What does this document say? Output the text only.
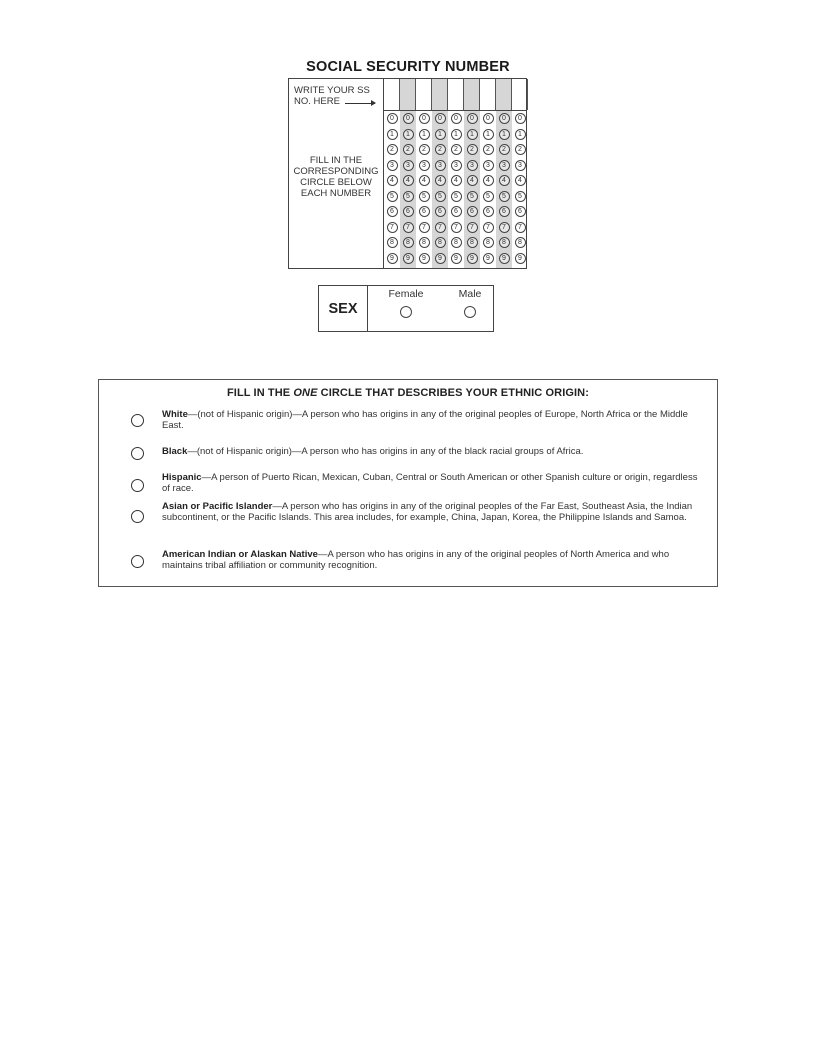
SOCIAL SECURITY NUMBER
WRITE YOUR SS NO. HERE
FILL IN THE CORRESPONDING CIRCLE BELOW EACH NUMBER
0
1
2
3
4
5
6
7
8
9
0
1
2
3
4
5
6
7
8
9
0
1
2
3
4
5
6
7
8
9
0
1
2
3
4
5
6
7
8
9
0
1
2
3
4
5
6
7
8
9
0
1
2
3
4
5
6
7
8
9
0
1
2
3
4
5
6
7
8
9
0
1
2
3
4
5
6
7
8
9
0
1
2
3
4
5
6
7
8
9
SEX
Female	Male
FILL IN THE ONE CIRCLE THAT DESCRIBES YOUR ETHNIC ORIGIN:
White—(not of Hispanic origin)—A person who has origins in any of the original peoples of Europe, North Africa or the Middle East.
Black—(not of Hispanic origin)—A person who has origins in any of the black racial groups of Africa.
Hispanic—A person of Puerto Rican, Mexican, Cuban, Central or South American or other Spanish culture or origin, regardless of race.
Asian or Pacific Islander—A person who has origins in any of the original peoples of the Far East, Southeast Asia, the Indian subcontinent, or the Pacific Islands. This area includes, for example, China, Japan, Korea, the Philippine Islands and Samoa.
American Indian or Alaskan Native—A person who has origins in any of the original peoples of North America and who maintains tribal affiliation or community recognition.
